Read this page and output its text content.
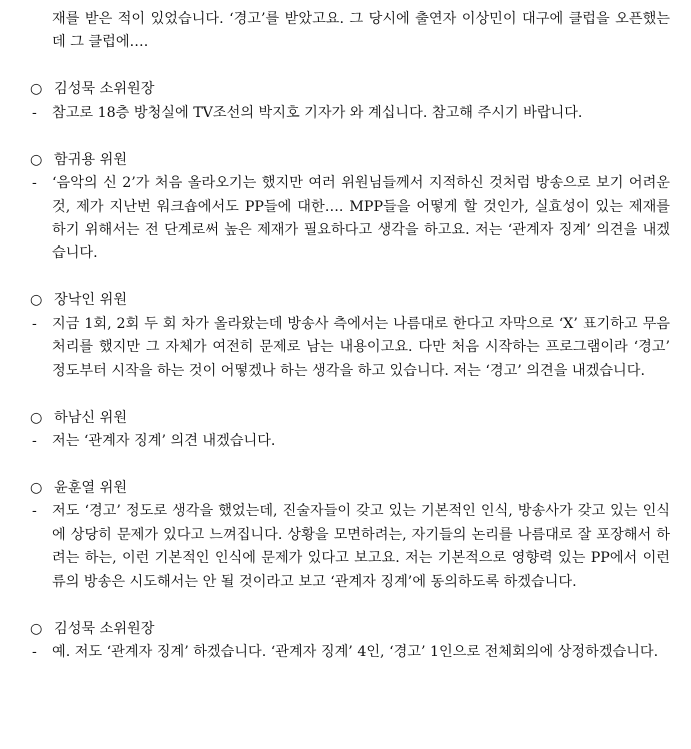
재를 받은 적이 있었습니다. ‘경고’를 받았고요. 그 당시에 출연자 이상민이 대구에 클럽을 오픈했는데 그 클럽에….
○ 김성묵 소위원장
- 참고로 18층 방청실에 TV조선의 박지호 기자가 와 계십니다. 참고해 주시기 바랍니다.
○ 함귀용 위원
- ‘음악의 신 2’가 처음 올라오기는 했지만 여러 위원님들께서 지적하신 것처럼 방송으로 보기 어려운 것, 제가 지난번 워크숍에서도 PP들에 대한…. MPP들을 어떻게 할 것인가, 실효성이 있는 제재를 하기 위해서는 전 단계로써 높은 제재가 필요하다고 생각을 하고요. 저는 ‘관계자 징계’ 의견을 내겠습니다.
○ 장낙인 위원
- 지금 1회, 2회 두 회 차가 올라왔는데 방송사 측에서는 나름대로 한다고 자막으로 ‘X’ 표기하고 무음 처리를 했지만 그 자체가 여전히 문제로 남는 내용이고요. 다만 처음 시작하는 프로그램이라 ‘경고’ 정도부터 시작을 하는 것이 어떻겠나 하는 생각을 하고 있습니다. 저는 ‘경고’ 의견을 내겠습니다.
○ 하남신 위원
- 저는 ‘관계자 징계’ 의견 내겠습니다.
○ 윤훈열 위원
- 저도 ‘경고’ 정도로 생각을 했었는데, 진술자들이 갖고 있는 기본적인 인식, 방송사가 갖고 있는 인식에 상당히 문제가 있다고 느껴집니다. 상황을 모면하려는, 자기들의 논리를 나름대로 잘 포장해서 하려는 하는, 이런 기본적인 인식에 문제가 있다고 보고요. 저는 기본적으로 영향력 있는 PP에서 이런 류의 방송은 시도해서는 안 될 것이라고 보고 ‘관계자 징계’에 동의하도록 하겠습니다.
○ 김성묵 소위원장
- 예. 저도 ‘관계자 징계’ 하겠습니다. ‘관계자 징계’ 4인, ‘경고’ 1인으로 전체회의에 상정하겠습니다.
